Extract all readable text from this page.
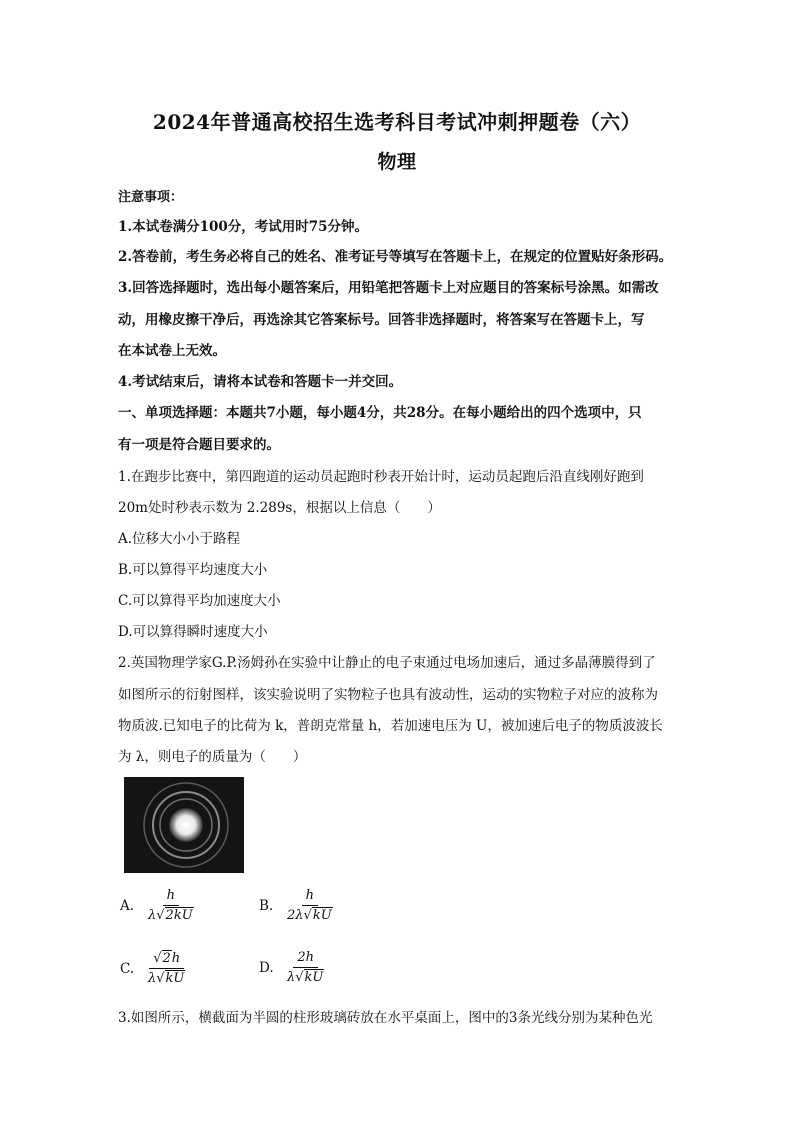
2024年普通高校招生选考科目考试冲刺押题卷（六）
物理
注意事项：
1.本试卷满分100分，考试用时75分钟。
2.答卷前，考生务必将自己的姓名、准考证号等填写在答题卡上，在规定的位置贴好条形码。
3.回答选择题时，选出每小题答案后，用铅笔把答题卡上对应题目的答案标号涂黑。如需改
动，用橡皮擦干净后，再选涂其它答案标号。回答非选择题时，将答案写在答题卡上，写
在本试卷上无效。
4.考试结束后，请将本试卷和答题卡一并交回。
一、单项选择题：本题共7小题，每小题4分，共28分。在每小题给出的四个选项中，只
有一项是符合题目要求的。
1.在跑步比赛中，第四跑道的运动员起跑时秒表开始计时，运动员起跑后沿直线刚好跑到
20m处时秒表示数为 2.289s，根据以上信息（　　）
A.位移大小小于路程
B.可以算得平均速度大小
C.可以算得平均加速度大小
D.可以算得瞬时速度大小
2.英国物理学家G.P.汤姆孙在实验中让静止的电子束通过电场加速后，通过多晶薄膜得到了
如图所示的衍射图样，该实验说明了实物粒子也具有波动性，运动的实物粒子对应的波称为
物质波.已知电子的比荷为 k，普朗克常量 h，若加速电压为 U，被加速后电子的物质波波长
为 λ，则电子的质量为（　　）
A. $\frac{h}{\lambda √ 2kU}$	B. $\frac{h}{2\lambda √ kU}$
C. $\frac{√ 2 h}{\lambda √ kU}$	D. $\frac{2h}{\lambda √ kU}$
3.如图所示，横截面为半圆的柱形玻璃砖放在水平桌面上，图中的3条光线分别为某种色光
